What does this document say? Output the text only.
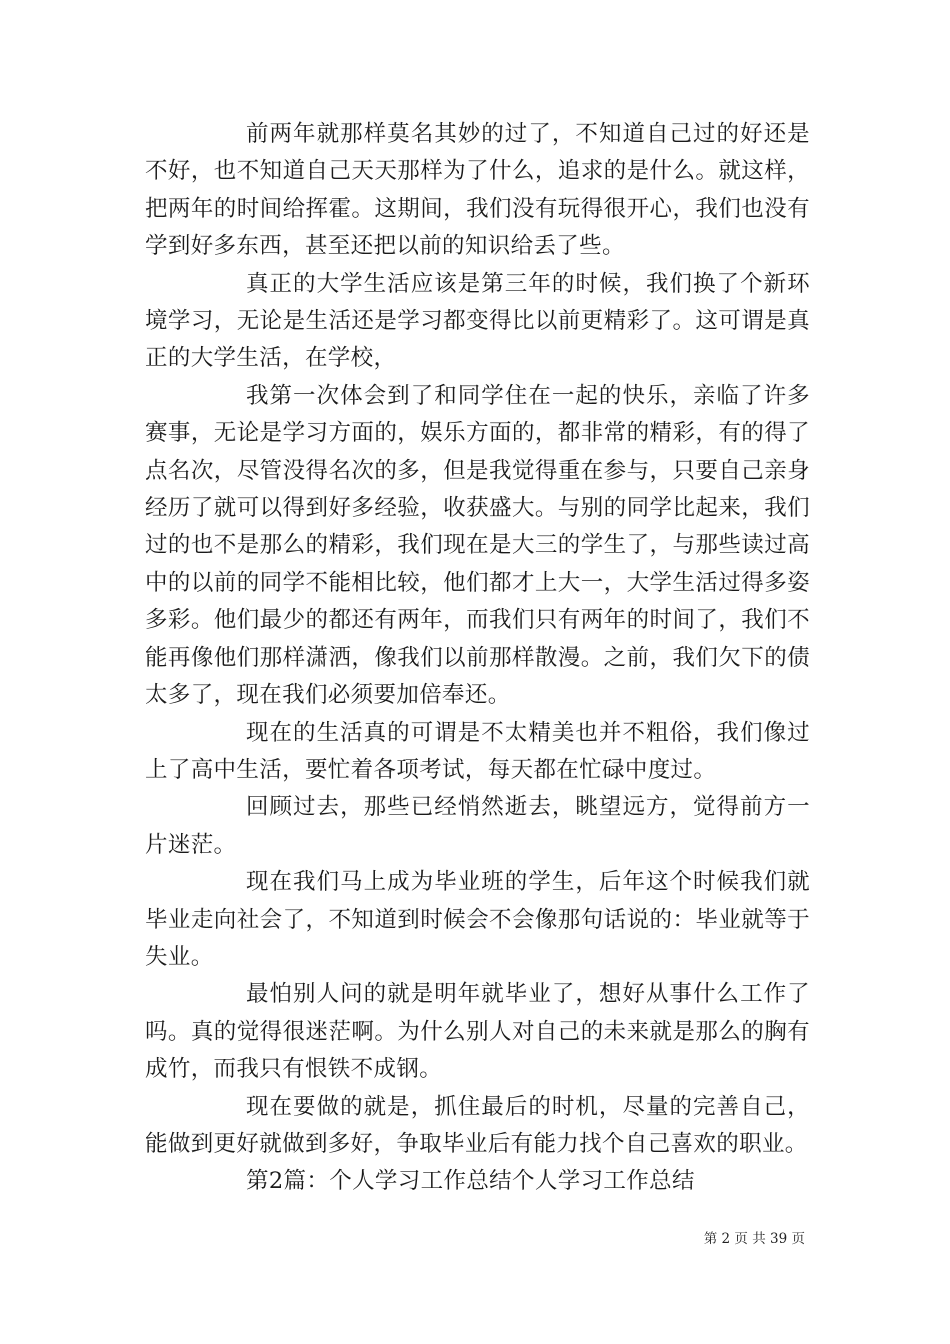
前两年就那样莫名其妙的过了，不知道自己过的好还是不好，也不知道自己天天那样为了什么，追求的是什么。就这样，把两年的时间给挥霍。这期间，我们没有玩得很开心，我们也没有学到好多东西，甚至还把以前的知识给丢了些。

真正的大学生活应该是第三年的时候，我们换了个新环境学习，无论是生活还是学习都变得比以前更精彩了。这可谓是真正的大学生活，在学校，

我第一次体会到了和同学住在一起的快乐，亲临了许多赛事，无论是学习方面的，娱乐方面的，都非常的精彩，有的得了点名次，尽管没得名次的多，但是我觉得重在参与，只要自己亲身经历了就可以得到好多经验，收获盛大。与别的同学比起来，我们过的也不是那么的精彩，我们现在是大三的学生了，与那些读过高中的以前的同学不能相比较，他们都才上大一，大学生活过得多姿多彩。他们最少的都还有两年，而我们只有两年的时间了，我们不能再像他们那样潇洒，像我们以前那样散漫。之前，我们欠下的债太多了，现在我们必须要加倍奉还。

现在的生活真的可谓是不太精美也并不粗俗，我们像过上了高中生活，要忙着各项考试，每天都在忙碌中度过。

回顾过去，那些已经悄然逝去，眺望远方，觉得前方一片迷茫。

现在我们马上成为毕业班的学生，后年这个时候我们就毕业走向社会了，不知道到时候会不会像那句话说的：毕业就等于失业。

最怕别人问的就是明年就毕业了，想好从事什么工作了吗。真的觉得很迷茫啊。为什么别人对自己的未来就是那么的胸有成竹，而我只有恨铁不成钢。

现在要做的就是，抓住最后的时机，尽量的完善自己，能做到更好就做到多好，争取毕业后有能力找个自己喜欢的职业。

第2篇：个人学习工作总结个人学习工作总结

第 2 页 共 39 页
